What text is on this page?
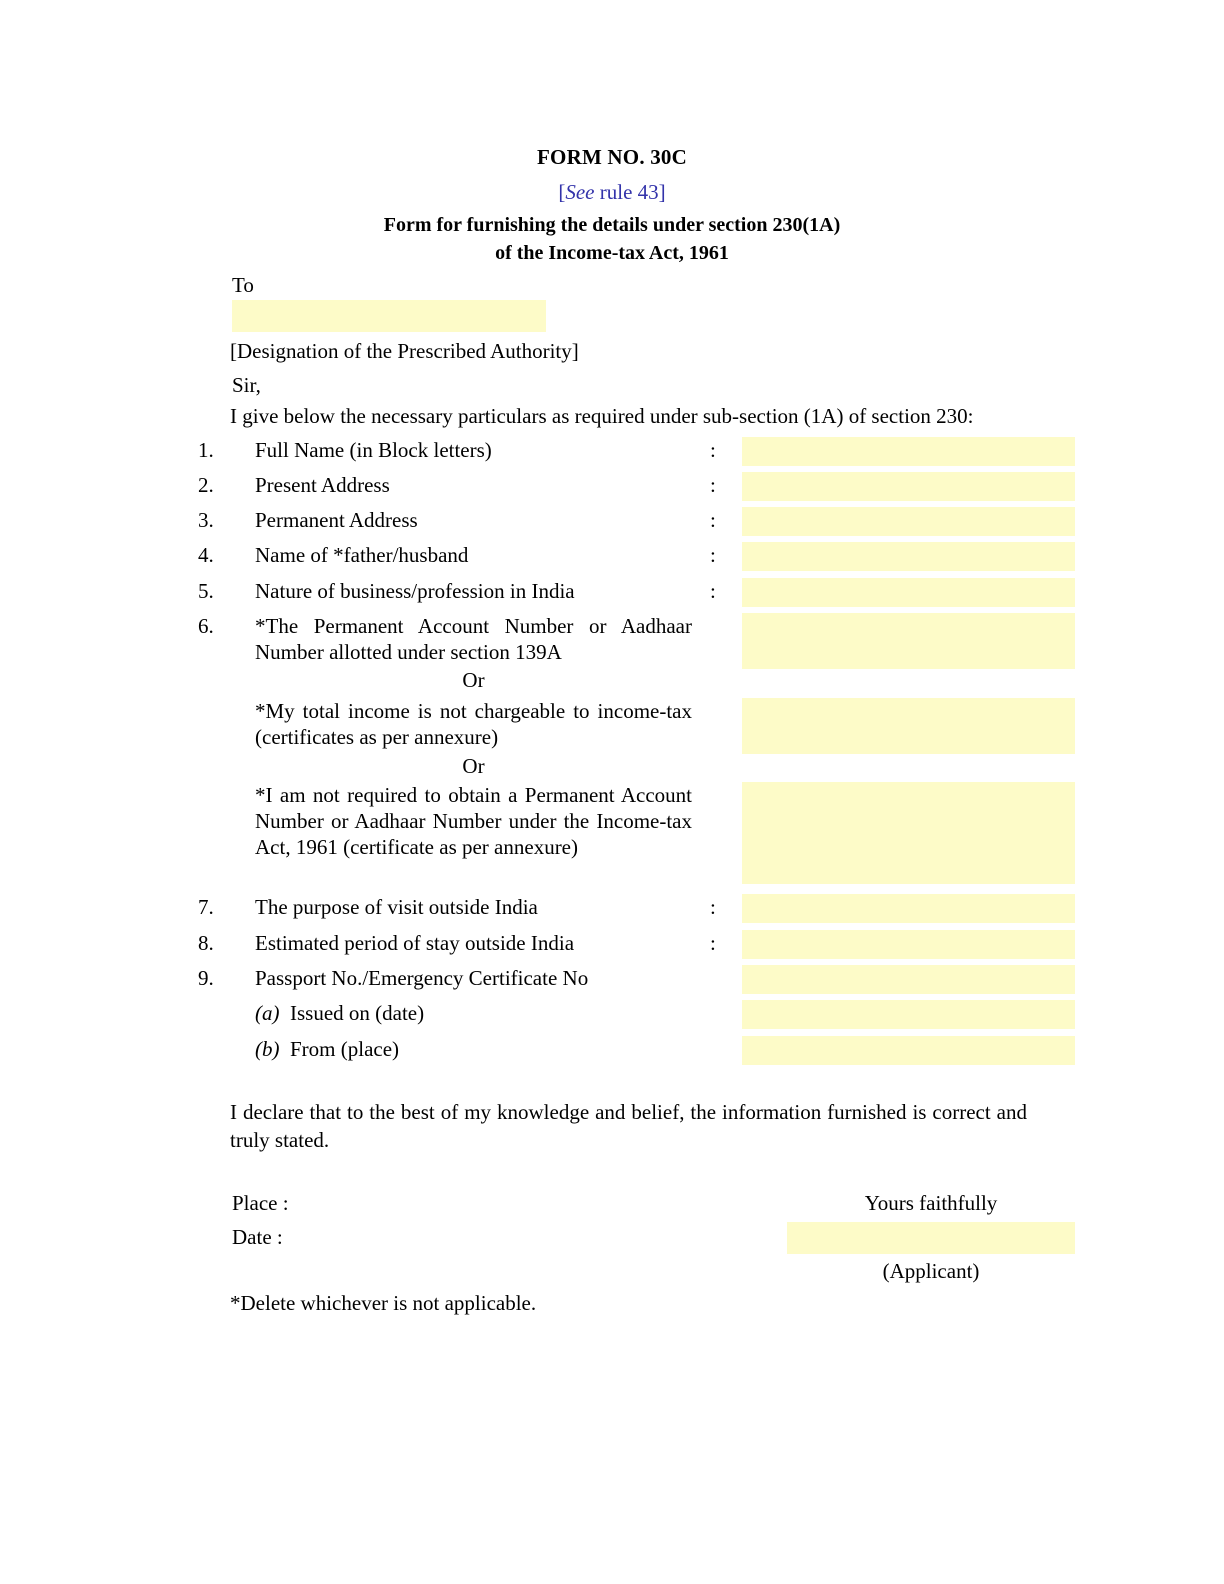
FORM NO. 30C
[See rule 43]
Form for furnishing the details under section 230(1A)
of the Income-tax Act, 1961
To
[Designation of the Prescribed Authority]
Sir,
I give below the necessary particulars as required under sub-section (1A) of section 230:
1. Full Name (in Block letters)	:
2. Present Address	:
3. Permanent Address	:
4. Name of *father/husband	:
5. Nature of business/profession in India	:
6. *The Permanent Account Number or Aadhaar Number allotted under section 139A
Or
*My total income is not chargeable to income-tax (certificates as per annexure)
Or
*I am not required to obtain a Permanent Account Number or Aadhaar Number under the Income-tax Act, 1961 (certificate as per annexure)
7. The purpose of visit outside India	:
8. Estimated period of stay outside India	:
9. Passport No./Emergency Certificate No
(a) Issued on (date)
(b) From (place)
I declare that to the best of my knowledge and belief, the information furnished is correct and truly stated.
Place :
Date :
Yours faithfully
(Applicant)
*Delete whichever is not applicable.
